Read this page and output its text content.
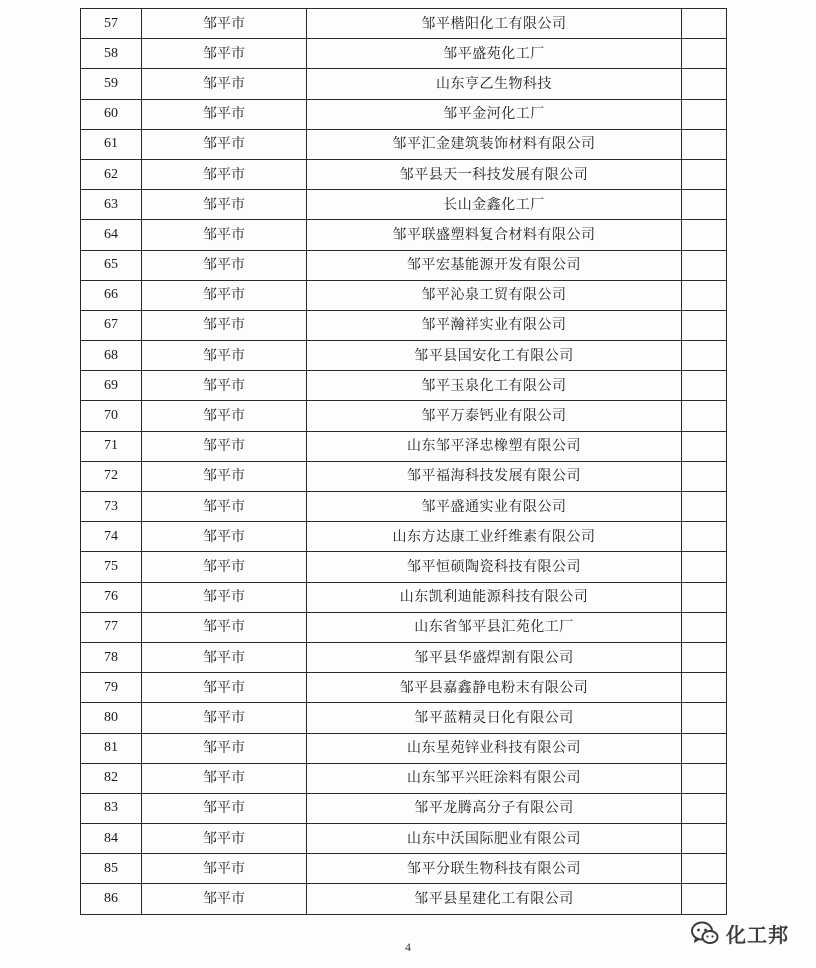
57	邹平市	邹平楷阳化工有限公司	
58	邹平市	邹平盛苑化工厂	
59	邹平市	山东亨乙生物科技	
60	邹平市	邹平金河化工厂	
61	邹平市	邹平汇金建筑装饰材料有限公司	
62	邹平市	邹平县天一科技发展有限公司	
63	邹平市	长山金鑫化工厂	
64	邹平市	邹平联盛塑料复合材料有限公司	
65	邹平市	邹平宏基能源开发有限公司	
66	邹平市	邹平沁泉工贸有限公司	
67	邹平市	邹平瀚祥实业有限公司	
68	邹平市	邹平县国安化工有限公司	
69	邹平市	邹平玉泉化工有限公司	
70	邹平市	邹平万泰钙业有限公司	
71	邹平市	山东邹平泽忠橡塑有限公司	
72	邹平市	邹平福海科技发展有限公司	
73	邹平市	邹平盛通实业有限公司	
74	邹平市	山东方达康工业纤维素有限公司	
75	邹平市	邹平恒硕陶瓷科技有限公司	
76	邹平市	山东凯利迪能源科技有限公司	
77	邹平市	山东省邹平县汇苑化工厂	
78	邹平市	邹平县华盛焊割有限公司	
79	邹平市	邹平县嘉鑫静电粉末有限公司	
80	邹平市	邹平蓝精灵日化有限公司	
81	邹平市	山东星苑锌业科技有限公司	
82	邹平市	山东邹平兴旺涂料有限公司	
83	邹平市	邹平龙腾高分子有限公司	
84	邹平市	山东中沃国际肥业有限公司	
85	邹平市	邹平分联生物科技有限公司	
86	邹平市	邹平县星建化工有限公司	
4
化工邦
